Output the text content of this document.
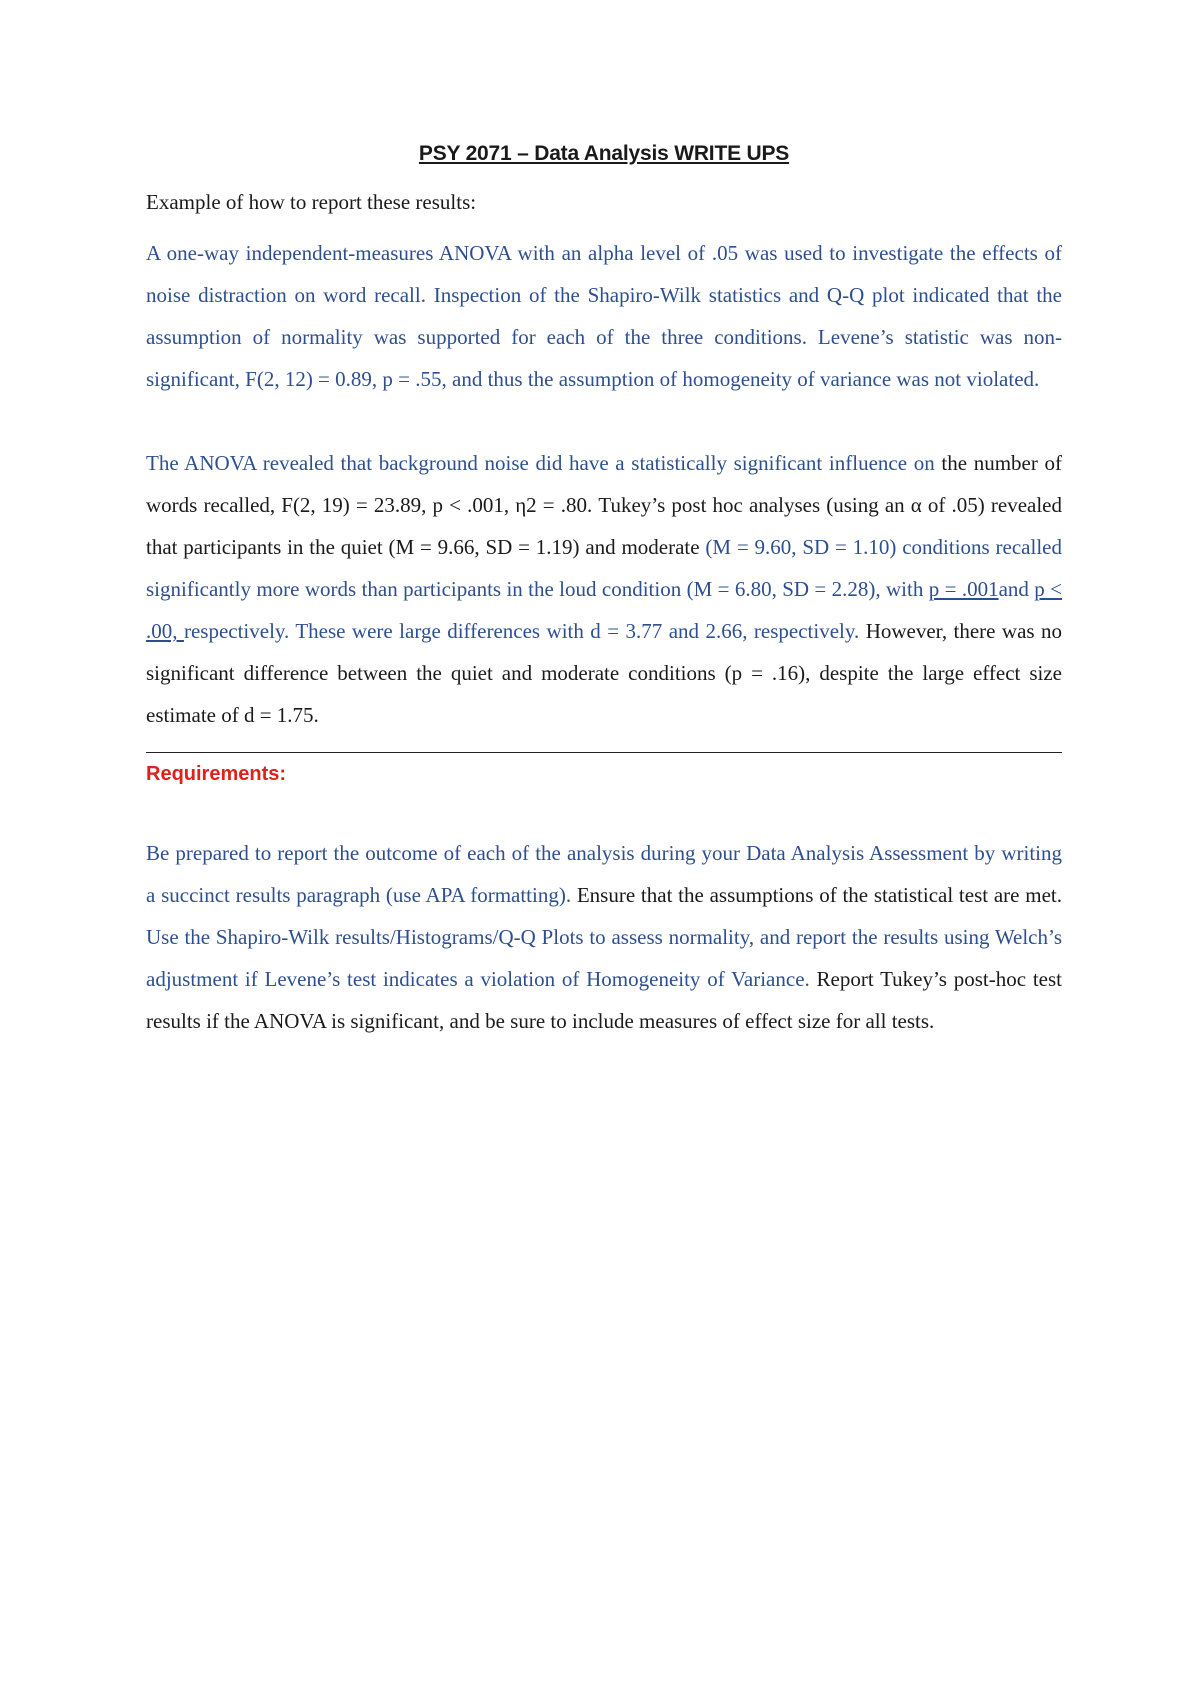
PSY 2071 – Data Analysis WRITE UPS
Example of how to report these results:

A one-way independent-measures ANOVA with an alpha level of .05 was used to investigate the effects of noise distraction on word recall. Inspection of the Shapiro-Wilk statistics and Q-Q plot indicated that the assumption of normality was supported for each of the three conditions. Levene’s statistic was non-significant, F(2, 12) = 0.89, p = .55, and thus the assumption of homogeneity of variance was not violated.

The ANOVA revealed that background noise did have a statistically significant influence on the number of words recalled, F(2, 19) = 23.89, p < .001, η2 = .80. Tukey’s post hoc analyses (using an α of .05) revealed that participants in the quiet (M = 9.66, SD = 1.19) and moderate (M = 9.60, SD = 1.10) conditions recalled significantly more words than participants in the loud condition (M = 6.80, SD = 2.28), with p = .001and p < .00, respectively. These were large differences with d = 3.77 and 2.66, respectively. However, there was no significant difference between the quiet and moderate conditions (p = .16), despite the large effect size estimate of d = 1.75.

Requirements:

Be prepared to report the outcome of each of the analysis during your Data Analysis Assessment by writing a succinct results paragraph (use APA formatting). Ensure that the assumptions of the statistical test are met. Use the Shapiro-Wilk results/Histograms/Q-Q Plots to assess normality, and report the results using Welch’s adjustment if Levene’s test indicates a violation of Homogeneity of Variance. Report Tukey’s post-hoc test results if the ANOVA is significant, and be sure to include measures of effect size for all tests.
